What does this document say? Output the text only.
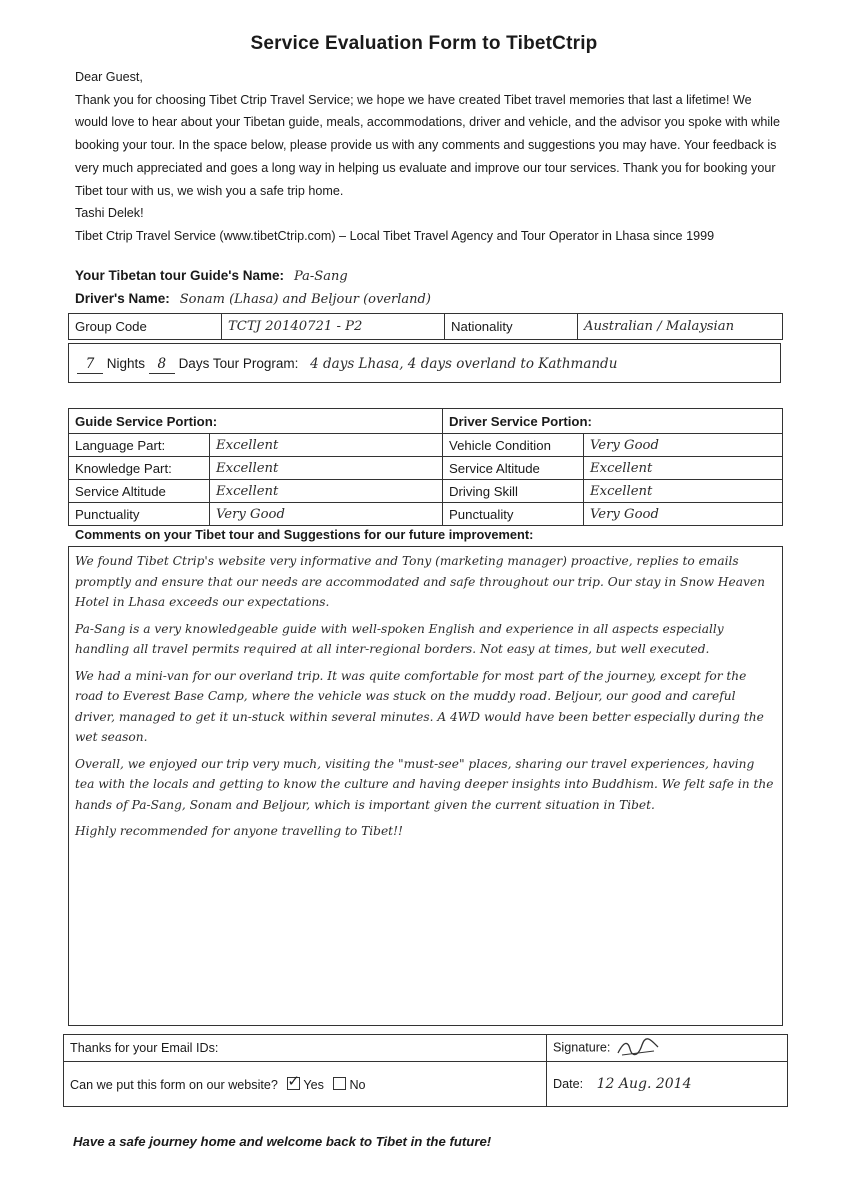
Service Evaluation Form to TibetCtrip

Dear Guest,

Thank you for choosing Tibet Ctrip Travel Service; we hope we have created Tibet travel memories that last a lifetime! We would love to hear about your Tibetan guide, meals, accommodations, driver and vehicle, and the advisor you spoke with while booking your tour. In the space below, please provide us with any comments and suggestions you may have. Your feedback is very much appreciated and goes a long way in helping us evaluate and improve our tour services. Thank you for booking your Tibet tour with us, we wish you a safe trip home.

Tashi Delek!

Tibet Ctrip Travel Service (www.tibetCtrip.com) – Local Tibet Travel Agency and Tour Operator in Lhasa since 1999

Your Tibetan tour Guide's Name: Pa-Sang
Driver's Name: Sonam (Lhasa) and Beljour (overland)
Group Code	TCTJ 20140721 - P2	Nationality	Australian / Malaysian
7 Nights 8 Days Tour Program: 4 days Lhasa, 4 days overland to Kathmandu
Guide Service Portion:		Driver Service Portion:	
Language Part:	Excellent	Vehicle Condition	Very Good
Knowledge Part:	Excellent	Service Altitude	Excellent
Service Altitude	Excellent	Driving Skill	Excellent
Punctuality	Very Good	Punctuality	Very Good
Comments on your Tibet tour and Suggestions for our future improvement:

We found Tibet Ctrip's website very informative and Tony (marketing manager) proactive, replies to emails promptly and ensure that our needs are accommodated and safe throughout our trip. Our stay in Snow Heaven Hotel in Lhasa exceeds our expectations.

Pa-Sang is a very knowledgeable guide with well-spoken English and experience in all aspects especially handling all travel permits required at all inter-regional borders. Not easy at times, but well executed.

We had a mini-van for our overland trip. It was quite comfortable for most part of the journey, except for the road to Everest Base Camp, where the vehicle was stuck on the muddy road. Beljour, our good and careful driver, managed to get it un-stuck within several minutes. A 4WD would have been better especially during the wet season.

Overall, we enjoyed our trip very much, visiting the "must-see" places, sharing our travel experiences, having tea with the locals and getting to know the culture and having deeper insights into Buddhism. We felt safe in the hands of Pa-Sang, Sonam and Beljour, which is important given the current situation in Tibet.

Highly recommended for anyone travelling to Tibet!!

Thanks for your Email IDs:	Signature:
Can we put this form on our website? ✓ Yes No	Date: 12 Aug. 2014
Have a safe journey home and welcome back to Tibet in the future!
